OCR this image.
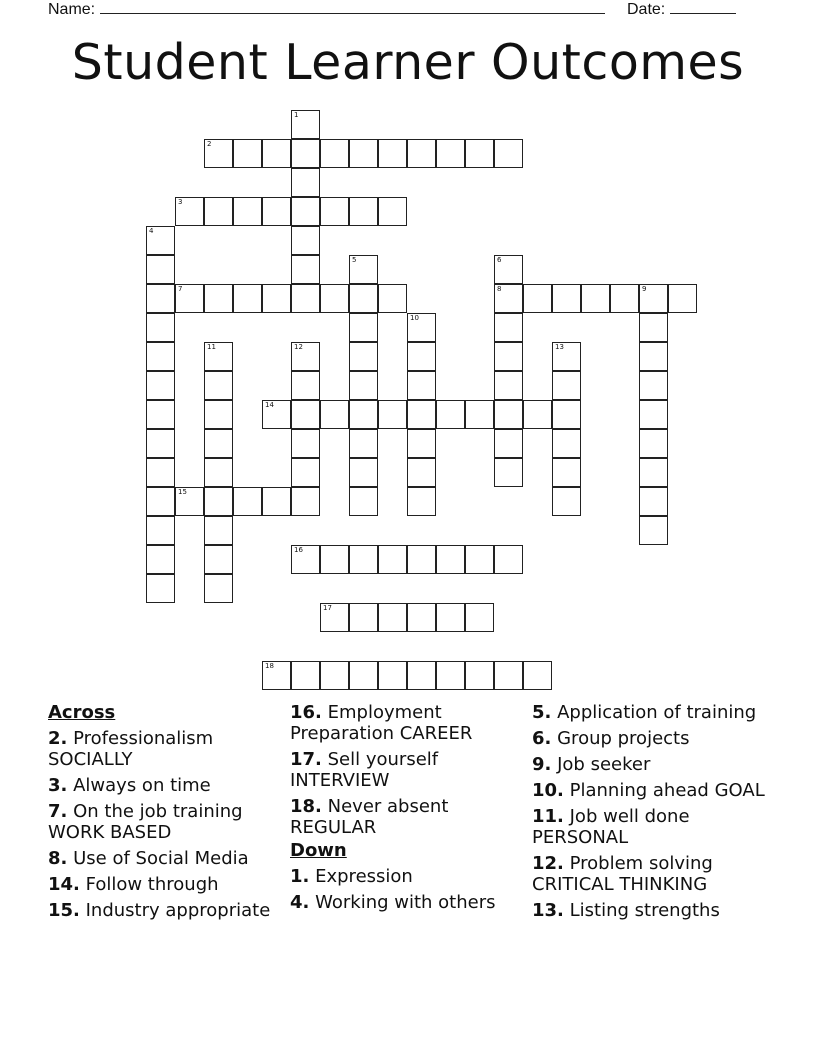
Name:	Date:
Student Learner Outcomes
2
3
7	8	9
14
15
16
17
18
1
4
5	6
10
11	12	13
Across

2. Professionalism SOCIALLY

3. Always on time

7. On the job training WORK BASED

8. Use of Social Media

14. Follow through

15. Industry appropriate

16. Employment Preparation CAREER

17. Sell yourself INTERVIEW

18. Never absent REGULAR

Down

1. Expression

4. Working with others

5. Application of training

6. Group projects

9. Job seeker

10. Planning ahead GOAL

11. Job well done PERSONAL

12. Problem solving CRITICAL THINKING

13. Listing strengths
